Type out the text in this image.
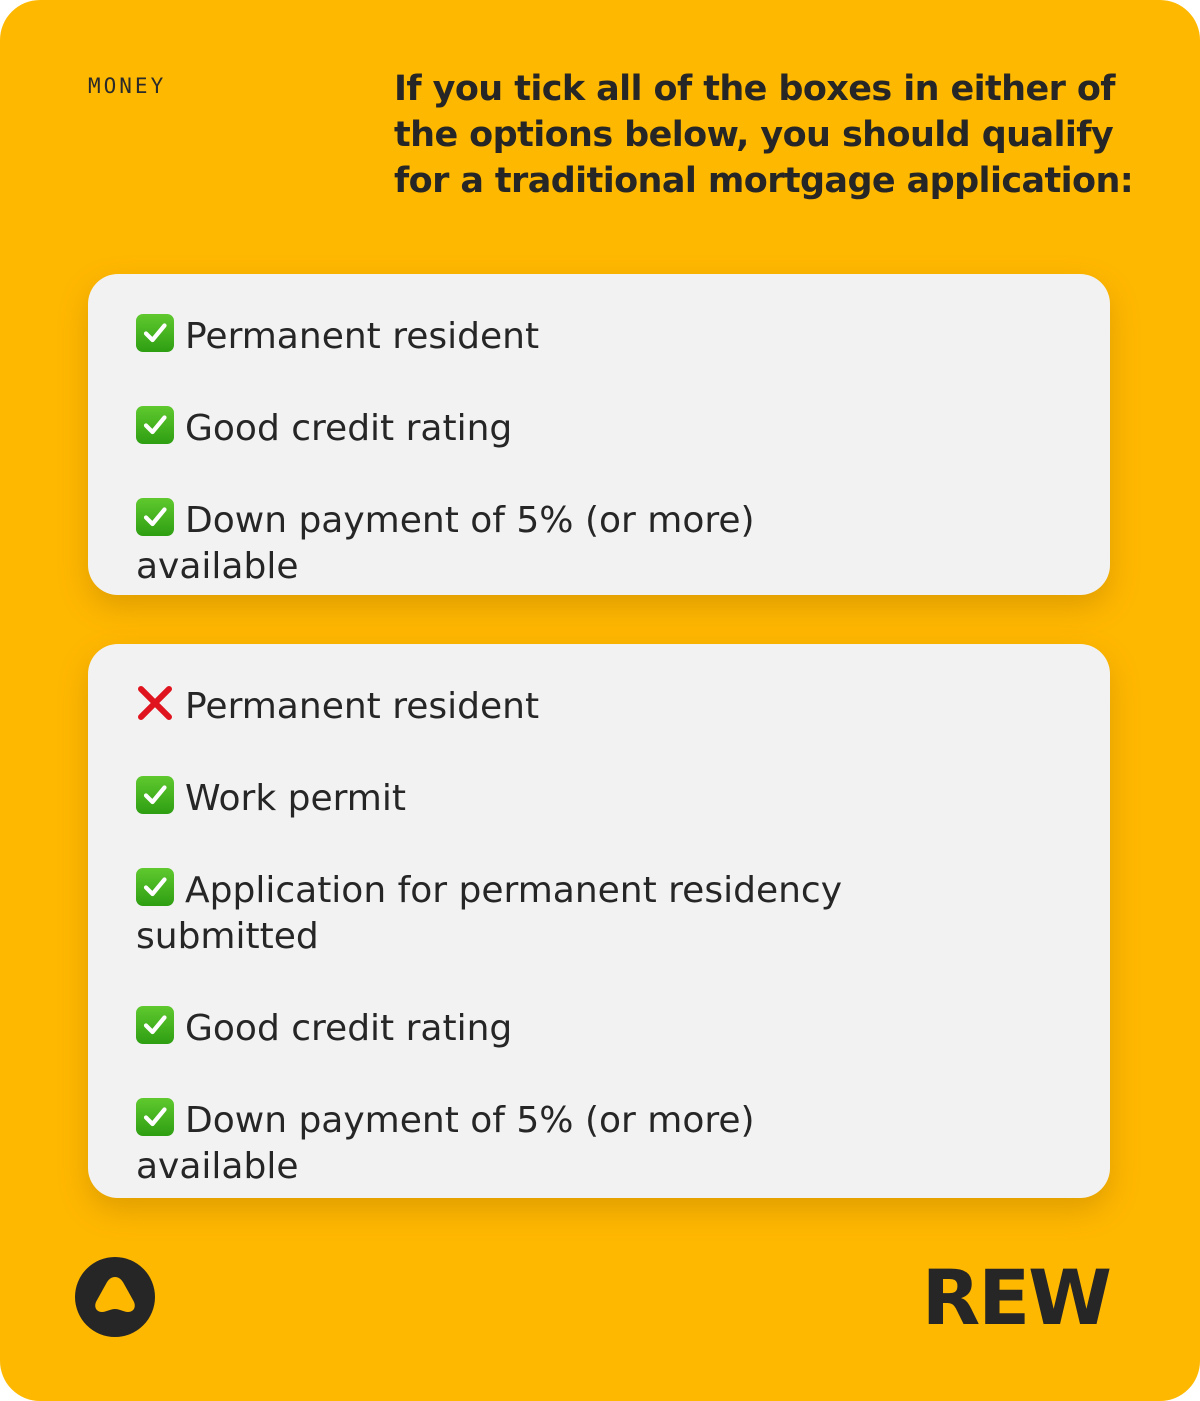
MONEY	If you tick all of the boxes in either of the options below, you should qualify for a traditional mortgage application:
Permanent resident
Good credit rating
Down payment of 5% (or more) available
Permanent resident
Work permit
Application for permanent residency submitted
Good credit rating
Down payment of 5% (or more) available
REW
